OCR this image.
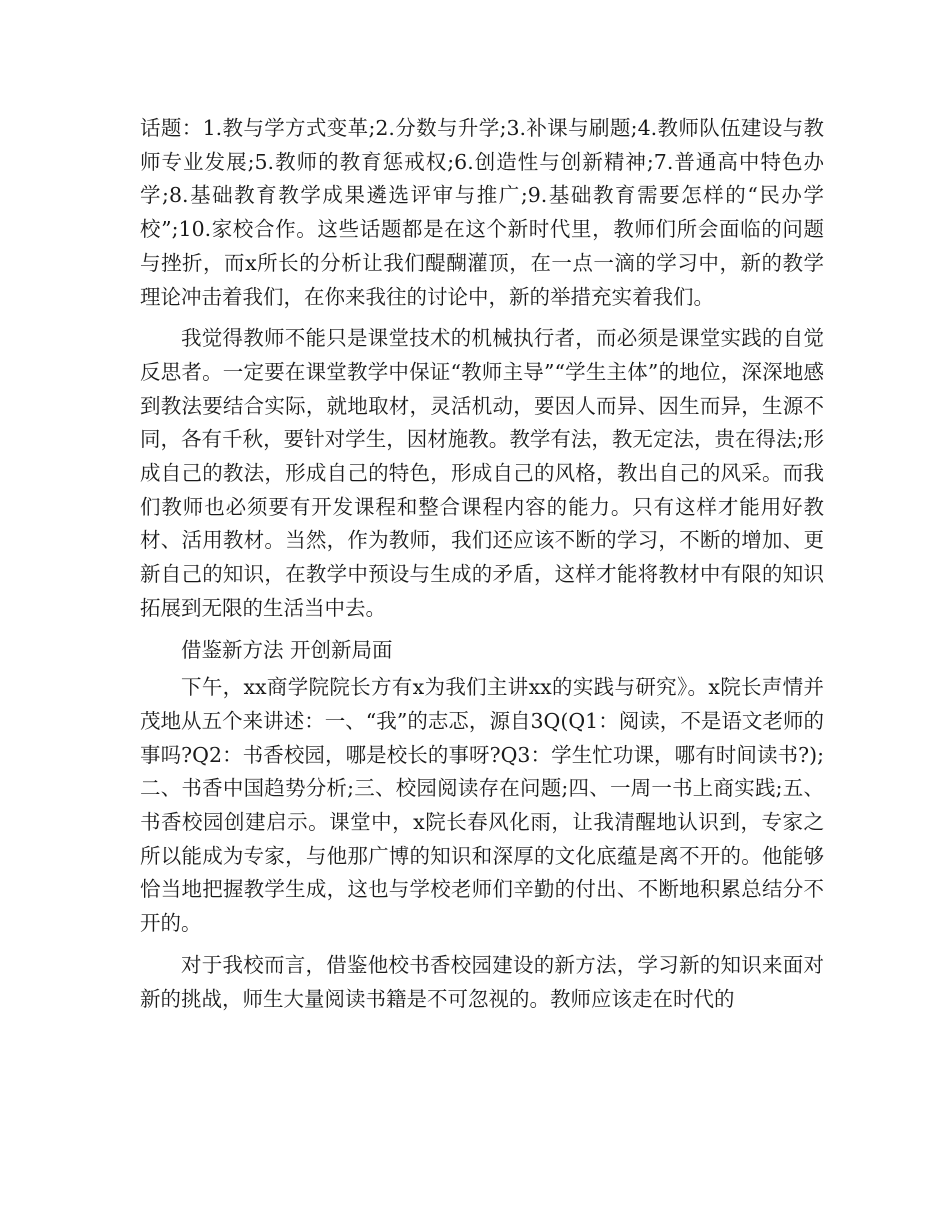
话题：1.教与学方式变革;2.分数与升学;3.补课与刷题;4.教师队伍建设与教师专业发展;5.教师的教育惩戒权;6.创造性与创新精神;7.普通高中特色办学;8.基础教育教学成果遴选评审与推广;9.基础教育需要怎样的“民办学校”;10.家校合作。这些话题都是在这个新时代里，教师们所会面临的问题与挫折，而x所长的分析让我们醍醐灌顶，在一点一滴的学习中，新的教学理论冲击着我们，在你来我往的讨论中，新的举措充实着我们。

我觉得教师不能只是课堂技术的机械执行者，而必须是课堂实践的自觉反思者。一定要在课堂教学中保证“教师主导”“学生主体”的地位，深深地感到教法要结合实际，就地取材，灵活机动，要因人而异、因生而异，生源不同，各有千秋，要针对学生，因材施教。教学有法，教无定法，贵在得法;形成自己的教法，形成自己的特色，形成自己的风格，教出自己的风采。而我们教师也必须要有开发课程和整合课程内容的能力。只有这样才能用好教材、活用教材。当然，作为教师，我们还应该不断的学习，不断的增加、更新自己的知识，在教学中预设与生成的矛盾，这样才能将教材中有限的知识拓展到无限的生活当中去。

借鉴新方法 开创新局面

下午，xx商学院院长方有x为我们主讲xx的实践与研究》。x院长声情并茂地从五个来讲述：一、“我”的志忑，源自3Q(Q1：阅读，不是语文老师的事吗?Q2：书香校园，哪是校长的事呀?Q3：学生忙功课，哪有时间读书?);二、书香中国趋势分析;三、校园阅读存在问题;四、一周一书上商实践;五、书香校园创建启示。课堂中，x院长春风化雨，让我清醒地认识到，专家之所以能成为专家，与他那广博的知识和深厚的文化底蕴是离不开的。他能够恰当地把握教学生成，这也与学校老师们辛勤的付出、不断地积累总结分不开的。

对于我校而言，借鉴他校书香校园建设的新方法，学习新的知识来面对新的挑战，师生大量阅读书籍是不可忽视的。教师应该走在时代的
